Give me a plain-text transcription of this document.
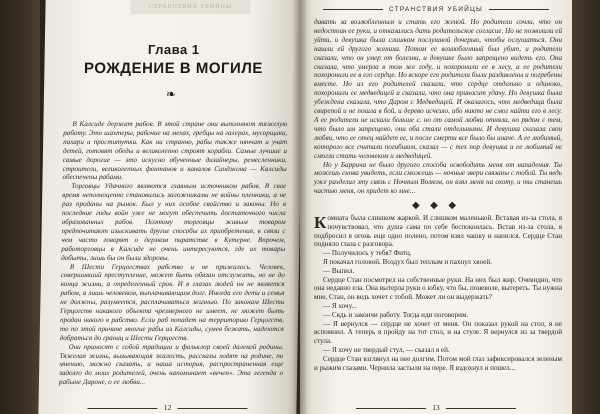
СТРАНСТВИЯ УБИЙЦЫ
Глава 1
РОЖДЕНИЕ В МОГИЛЕ
❧

В Калсиде держат рабов. В этой стране они выполняют тяжелую работу. Это шахтеры, рабочие на мехах, гребцы на галерах, мусорщики, пахари и проститутки. Как ни странно, рабы также нянчат и учат детей, готовят обеды и великолепно строят корабли. Самые лучшие и самые дорогие — это искусно обученные дизайнеры, ремесленники, строители, великолепных фонтанов и каналов Синджона — Калсиды обеспечены рабами.

Торговцы Удачного являются главным источником рабов. В свое время неполноценно становились заложниками не войны пленники, а не раз проданы на рынок. Был у них особое свойство и законы. Но в последние годы войн уже не могут обеспечить достаточного числа образованных рабов. Поэтому торговцы живым товаром предпочитают изыскивать другие способы их приобретения, в связи с чем часто говорят о дерзком пиратстве в Кутерне. Впрочем, работорговцы в Калсиде не очень интересуются, где их товары добыты, лишь бы он были здоровы.

В Шести Герцогствах рабство и не прижилось. Человек, совершивший преступление, может быть обязан отслужить, но не до конца жизни, а определенный срок. И в глазах людей он не является рабом, а лишь человеком, выплачивающим долг. Иногда его дети и семья не должны, разумеется, расплачиваться жизнью. По законам Шести Герцогств никакого объекта чрезмерного не имеет, не может быть продан никого в рабство. Если раб попадет на территорию Герцогств, то по этой причине многие рабы из Калсиды, сумев бежать, надеются добраться до границ и Шести Герцогств.

Они приносят с собой традиции и фольклор своей далекой родины. Тяжелая жизнь, вызывающая жалость, рассказы ходят на родине, по мнению, можно сказать, и наша история, распространенная еще задолго до моих родителей, очень напоминает «вечен». Эта легенда о рабыне Дароне, о ее любви...

12
СТРАНСТВИЯ УБИЙЦЫ

давать за возлюбленным и стать его женой. Но родители сочли, что он недостоин ее руки, и отказались дать родительское согласие. Но не позволили ей уйти, и девушка была слишком послушной дочерью, чтобы ослушаться. Они нашли ей другого жениха. Потом ее возлюбленный был убит, и родители сказали, что он умер от болезни, и девушке было запрещено видеть его. Она сказала, что умерла в том же году, и похоронили ее в лесу, а ее родители похоронили ее в его сердце. Но вскоре его родители были раздавлены и погребены вместе. Но из его родителей сказали, что сердце отдельно и одиноко, похоронили ее медведицей и сказали, что она приносит удачу. Но девушка была убеждена сказала, что Даром с Медведицей. И оказалось, что медведица была свирепой и не пошла в бой, и дерево исчезло, ибо никто не смог найти его в лесу. А ее родители не искали больше с. но от самой любви отняли, но рядом с тем, что было им запрещено, они оба стали отдельными. И девушка сказала свои любви, что ее отец найдет ее, и после смерти все было бы иначе. А ее любимый, которого все считали погибшим, сказал — с тех пор девушка и ее любимый не смогли стать человеком и медведицей.

Но у Баррича не было другого способа освободить меня от нападения. Ты можешь снова увидеть, если сможешь — ночные звери связаны с тобой. Ты ведь уже разделил эту связь с Ночным Волком, он взял меня на охоту, и ты станешь частью меня, он придет ко мне...

◆ ◆ ◆

Комната была слишком жаркой. И слишком маленькой. Вставая из-за стола, я почувствовал, что душа сама по себе беспокоилась. Встав из-за стола, я подбросил в огонь еще одно полено, потом взял чашку и напился. Сердце Стан подняло глаза с разговора.

— Получилось у тебя? Фитц.

Я покачал головой. Воздух был теплым и пахнул хвоей.

— Выпил.

Сердце Стан посмотрел на собственные руки. На них был жир. Очевидно, что она недавно ела. Она вытерла руки о юбку, что бы, поневоле, вытереть. Ты нужна мне, Стан, он ведь хочет с тобой. Может ли он выдержать?

— Я хочу...

— Сядь и закончи работу. Тогда иди поговорим.

— Я вернулся — сердце не хочет от меня. Он показал рукой на стол, я не вспомнил. А теперь я пройду на тот стол, и на стуле. Я вернулся из за твердой стула.

— Я хочу не твердый стул, — сказал я ей.

Сердце Стан взглянул на нее долгим. Потом мой глаз зафиксировался зеленым и рыжим глазами. Чернила застыли на пере. Я вздохнул и пошел...

13
